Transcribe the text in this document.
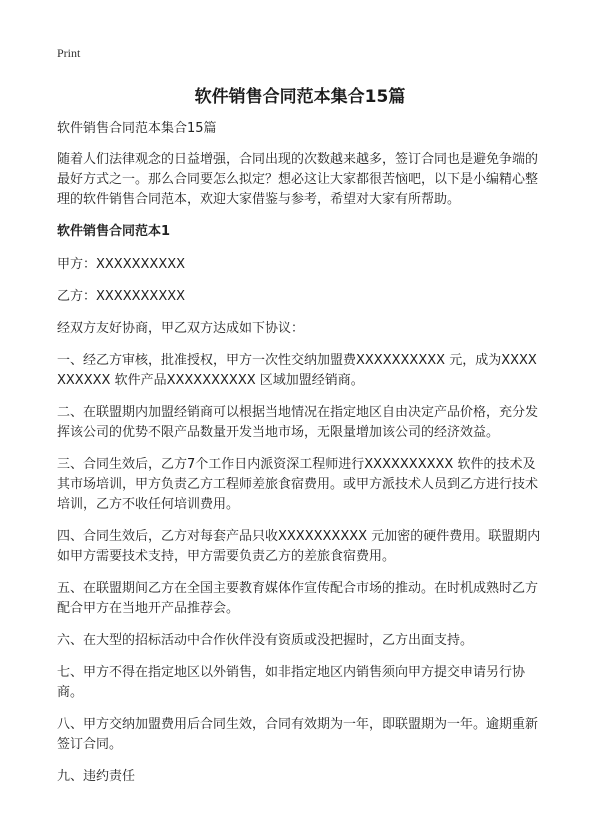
Print
软件销售合同范本集合15篇

软件销售合同范本集合15篇

随着人们法律观念的日益增强，合同出现的次数越来越多，签订合同也是避免争端的最好方式之一。那么合同要怎么拟定？想必这让大家都很苦恼吧，以下是小编精心整理的软件销售合同范本，欢迎大家借鉴与参考，希望对大家有所帮助。

软件销售合同范本1

甲方：XXXXXXXXXX

乙方：XXXXXXXXXX

经双方友好协商，甲乙双方达成如下协议：

一、经乙方审核，批准授权，甲方一次性交纳加盟费XXXXXXXXXX 元，成为XXXXXXXXXX 软件产品XXXXXXXXXX 区域加盟经销商。

二、在联盟期内加盟经销商可以根据当地情况在指定地区自由决定产品价格，充分发挥该公司的优势不限产品数量开发当地市场，无限量增加该公司的经济效益。

三、合同生效后，乙方7个工作日内派资深工程师进行XXXXXXXXXX 软件的技术及其市场培训，甲方负责乙方工程师差旅食宿费用。或甲方派技术人员到乙方进行技术培训，乙方不收任何培训费用。

四、合同生效后，乙方对每套产品只收XXXXXXXXXX 元加密的硬件费用。联盟期内如甲方需要技术支持，甲方需要负责乙方的差旅食宿费用。

五、在联盟期间乙方在全国主要教育媒体作宣传配合市场的推动。在时机成熟时乙方配合甲方在当地开产品推荐会。

六、在大型的招标活动中合作伙伴没有资质或没把握时，乙方出面支持。

七、甲方不得在指定地区以外销售，如非指定地区内销售须向甲方提交申请另行协商。

八、甲方交纳加盟费用后合同生效，合同有效期为一年，即联盟期为一年。逾期重新签订合同。

九、违约责任
